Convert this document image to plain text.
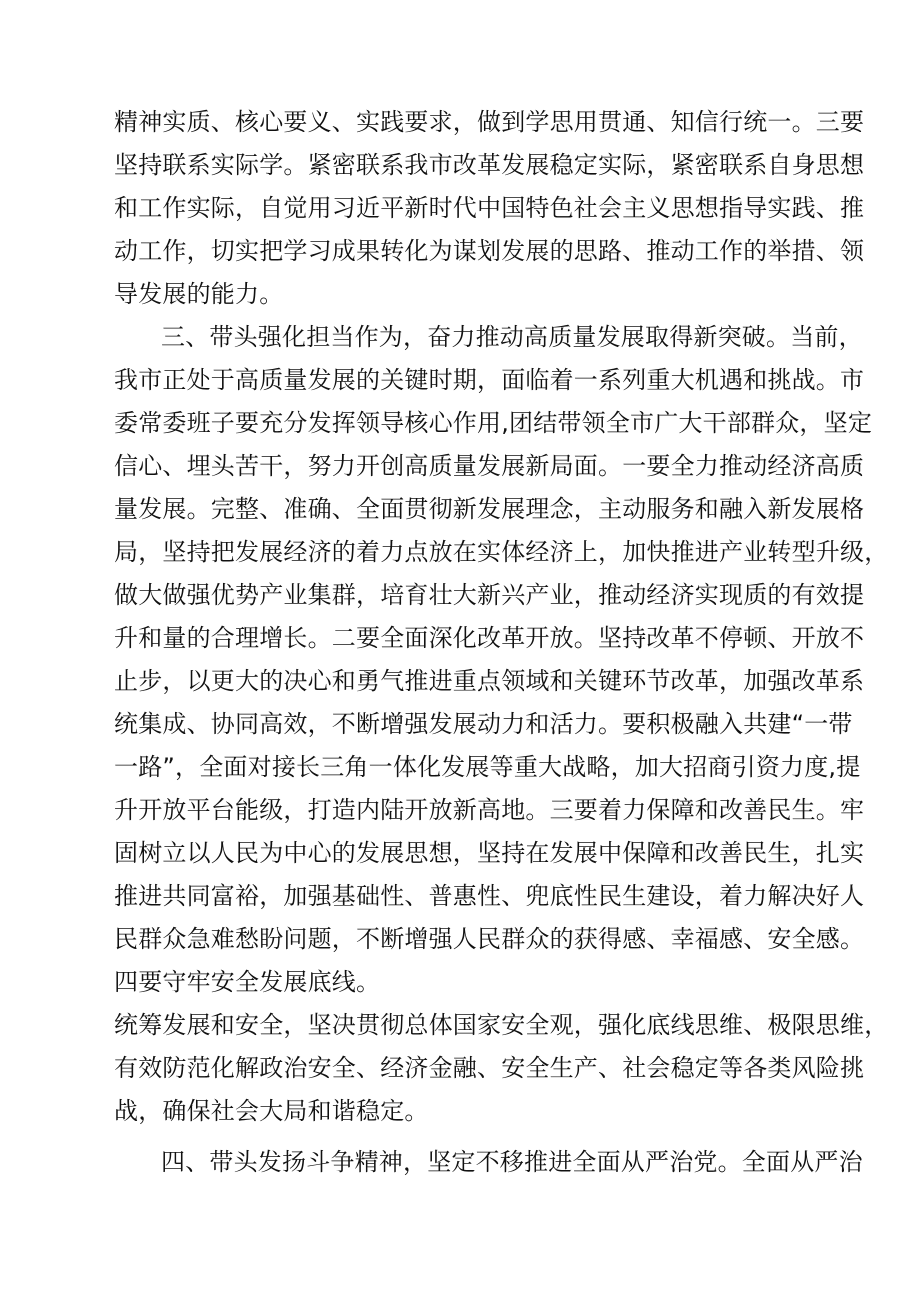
精神实质、核心要义、实践要求，做到学思用贯通、知信行统一。三要
坚持联系实际学。紧密联系我市改革发展稳定实际，紧密联系自身思想
和工作实际，自觉用习近平新时代中国特色社会主义思想指导实践、推
动工作，切实把学习成果转化为谋划发展的思路、推动工作的举措、领
导发展的能力。
三、带头强化担当作为，奋力推动高质量发展取得新突破。当前，
我市正处于高质量发展的关键时期，面临着一系列重大机遇和挑战。市
委常委班子要充分发挥领导核心作用,团结带领全市广大干部群众，坚定
信心、埋头苦干，努力开创高质量发展新局面。一要全力推动经济高质
量发展。完整、准确、全面贯彻新发展理念，主动服务和融入新发展格
局，坚持把发展经济的着力点放在实体经济上，加快推进产业转型升级，
做大做强优势产业集群，培育壮大新兴产业，推动经济实现质的有效提
升和量的合理增长。二要全面深化改革开放。坚持改革不停顿、开放不
止步，以更大的决心和勇气推进重点领域和关键环节改革，加强改革系
统集成、协同高效，不断增强发展动力和活力。要积极融入共建“一带
一路”，全面对接长三角一体化发展等重大战略，加大招商引资力度,提
升开放平台能级，打造内陆开放新高地。三要着力保障和改善民生。牢
固树立以人民为中心的发展思想，坚持在发展中保障和改善民生，扎实
推进共同富裕，加强基础性、普惠性、兜底性民生建设，着力解决好人
民群众急难愁盼问题，不断增强人民群众的获得感、幸福感、安全感。
四要守牢安全发展底线。
统筹发展和安全，坚决贯彻总体国家安全观，强化底线思维、极限思维，
有效防范化解政治安全、经济金融、安全生产、社会稳定等各类风险挑
战，确保社会大局和谐稳定。
四、带头发扬斗争精神，坚定不移推进全面从严治党。全面从严治
